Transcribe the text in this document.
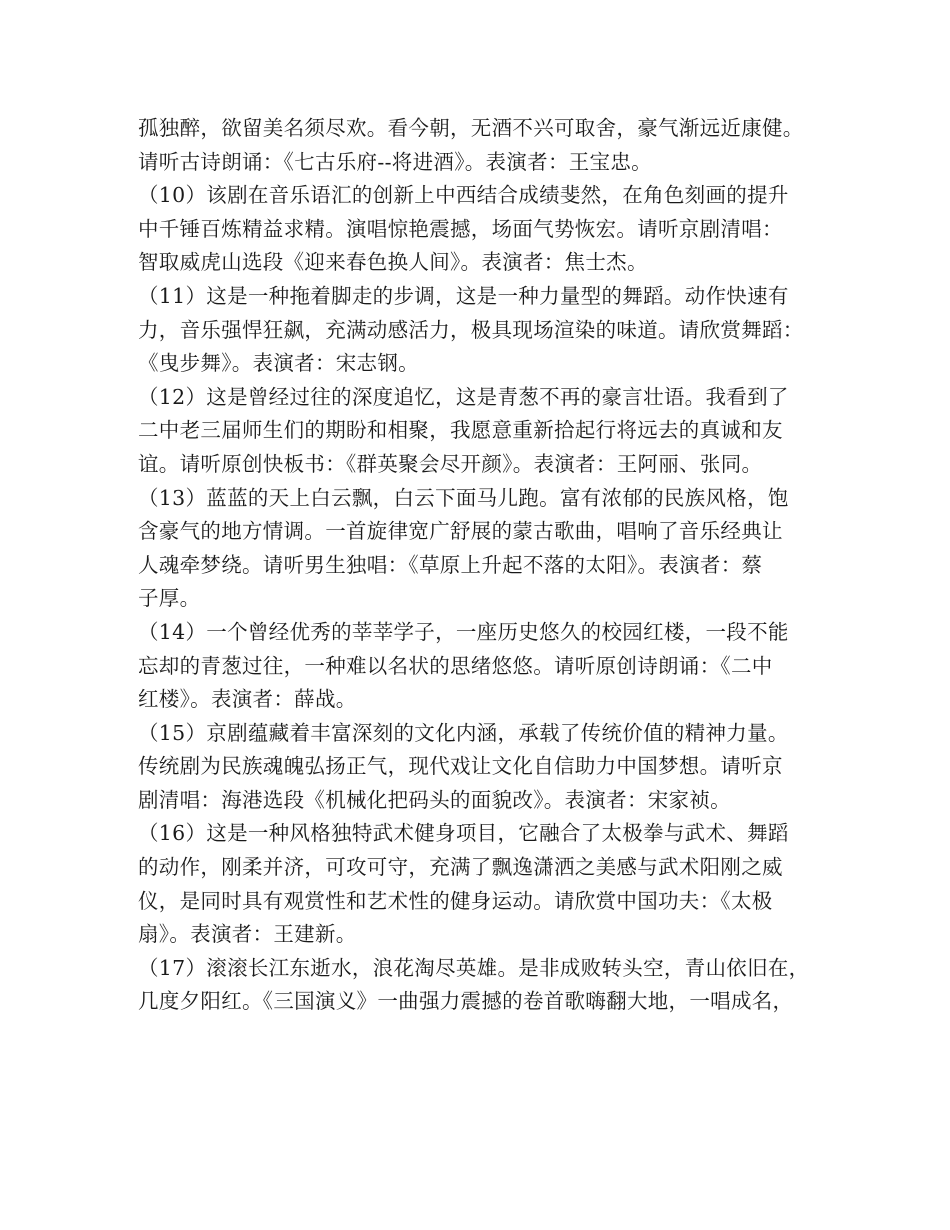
孤独醉，欲留美名须尽欢。看今朝，无酒不兴可取舍，豪气渐远近康健。
请听古诗朗诵：《七古乐府--将进酒》。表演者：王宝忠。
（10）该剧在音乐语汇的创新上中西结合成绩斐然，在角色刻画的提升
中千锤百炼精益求精。演唱惊艳震撼，场面气势恢宏。请听京剧清唱：
智取威虎山选段《迎来春色换人间》。表演者：焦士杰。
（11）这是一种拖着脚走的步调，这是一种力量型的舞蹈。动作快速有
力，音乐强悍狂飙，充满动感活力，极具现场渲染的味道。请欣赏舞蹈：
《曳步舞》。表演者：宋志钢。
（12）这是曾经过往的深度追忆，这是青葱不再的豪言壮语。我看到了
二中老三届师生们的期盼和相聚，我愿意重新拾起行将远去的真诚和友
谊。请听原创快板书：《群英聚会尽开颜》。表演者：王阿丽、张同。
（13）蓝蓝的天上白云飘，白云下面马儿跑。富有浓郁的民族风格，饱
含豪气的地方情调。一首旋律宽广舒展的蒙古歌曲，唱响了音乐经典让
人魂牵梦绕。请听男生独唱：《草原上升起不落的太阳》。表演者：蔡
子厚。
（14）一个曾经优秀的莘莘学子，一座历史悠久的校园红楼，一段不能
忘却的青葱过往，一种难以名状的思绪悠悠。请听原创诗朗诵：《二中
红楼》。表演者：薛战。
（15）京剧蕴藏着丰富深刻的文化内涵，承载了传统价值的精神力量。
传统剧为民族魂魄弘扬正气，现代戏让文化自信助力中国梦想。请听京
剧清唱：海港选段《机械化把码头的面貌改》。表演者：宋家祯。
（16）这是一种风格独特武术健身项目，它融合了太极拳与武术、舞蹈
的动作，刚柔并济，可攻可守，充满了飘逸潇洒之美感与武术阳刚之威
仪，是同时具有观赏性和艺术性的健身运动。请欣赏中国功夫：《太极
扇》。表演者：王建新。
（17）滚滚长江东逝水，浪花淘尽英雄。是非成败转头空，青山依旧在，
几度夕阳红。《三国演义》一曲强力震撼的卷首歌嗨翻大地，一唱成名，
